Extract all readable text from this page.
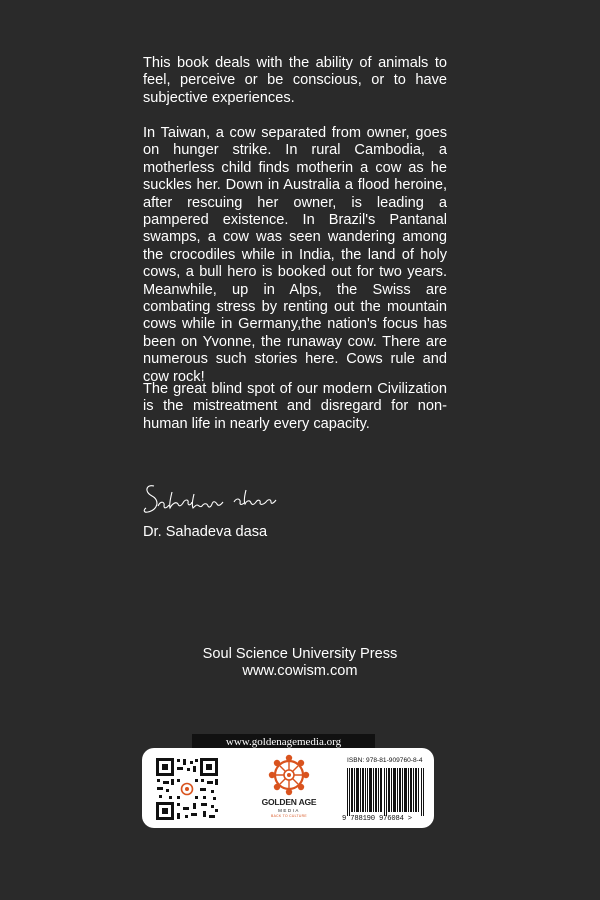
This book deals with the ability of animals to feel, perceive or be conscious, or to have subjective experiences.

In Taiwan, a cow separated from owner, goes on hunger strike. In rural Cambodia, a motherless child finds motherin a cow as he suckles her. Down in Australia a flood heroine, after rescuing her owner, is leading a pampered existence. In Brazil's Pantanal swamps, a cow was seen wandering among the crocodiles while in India, the land of holy cows, a bull hero is booked out for two years. Meanwhile, up in Alps, the Swiss are combating stress by renting out the mountain cows while in Germany,the nation's focus has been on Yvonne, the runaway cow. There are numerous such stories here. Cows rule and cow rock!

The great blind spot of our modern Civilization is the mistreatment and disregard for non-human life in nearly every capacity.

Dr. Sahadeva dasa
Soul Science University Press
www.cowism.com
www.goldenagemedia.org
GOLDEN AGE
MEDIA
BACK TO CULTURE
ISBN: 978-81-909760-8-4
9 788190 976084 >
